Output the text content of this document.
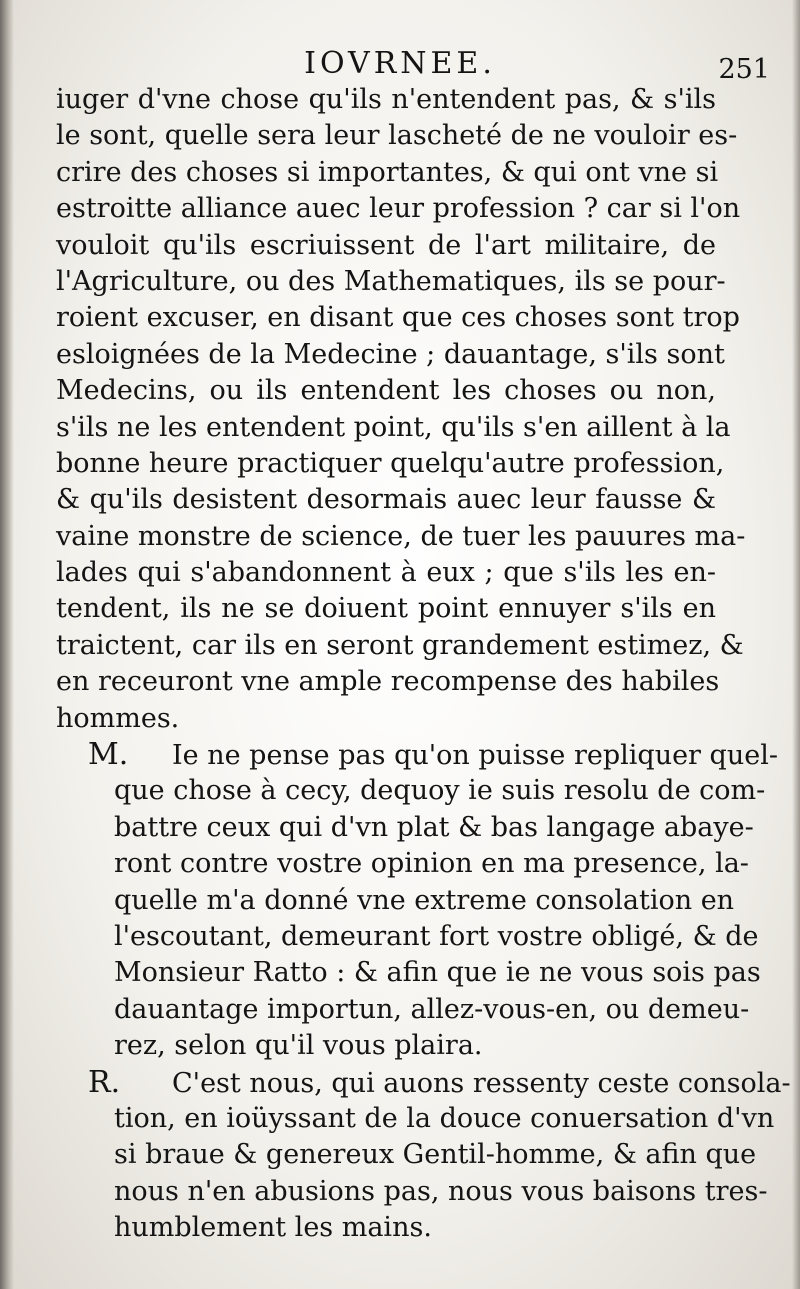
IOVRNEE.	251
iuger d'vne chose qu'ils n'entendent pas, & s'ils
le sont, quelle sera leur lascheté de ne vouloir es-
crire des choses si importantes, & qui ont vne si
estroitte alliance auec leur profession ? car si l'on
vouloit qu'ils escriuissent de l'art militaire, de
l'Agriculture, ou des Mathematiques, ils se pour-
roient excuser, en disant que ces choses sont trop
esloignées de la Medecine ; dauantage, s'ils sont
Medecins, ou ils entendent les choses ou non,
s'ils ne les entendent point, qu'ils s'en aillent à la
bonne heure practiquer quelqu'autre profession,
& qu'ils desistent desormais auec leur fausse &
vaine monstre de science, de tuer les pauures ma-
lades qui s'abandonnent à eux ; que s'ils les en-
tendent, ils ne se doiuent point ennuyer s'ils en
traictent, car ils en seront grandement estimez, &
en receuront vne ample recompense des habiles
hommes.
M. Ie ne pense pas qu'on puisse repliquer quel-
que chose à cecy, dequoy ie suis resolu de com-
battre ceux qui d'vn plat & bas langage abaye-
ront contre vostre opinion en ma presence, la-
quelle m'a donné vne extreme consolation en
l'escoutant, demeurant fort vostre obligé, & de
Monsieur Ratto : & afin que ie ne vous sois pas
dauantage importun, allez-vous-en, ou demeu-
rez, selon qu'il vous plaira.
R. C'est nous, qui auons ressenty ceste consola-
tion, en ioüyssant de la douce conuersation d'vn
si braue & genereux Gentil-homme, & afin que
nous n'en abusions pas, nous vous baisons tres-
humblement les mains.
